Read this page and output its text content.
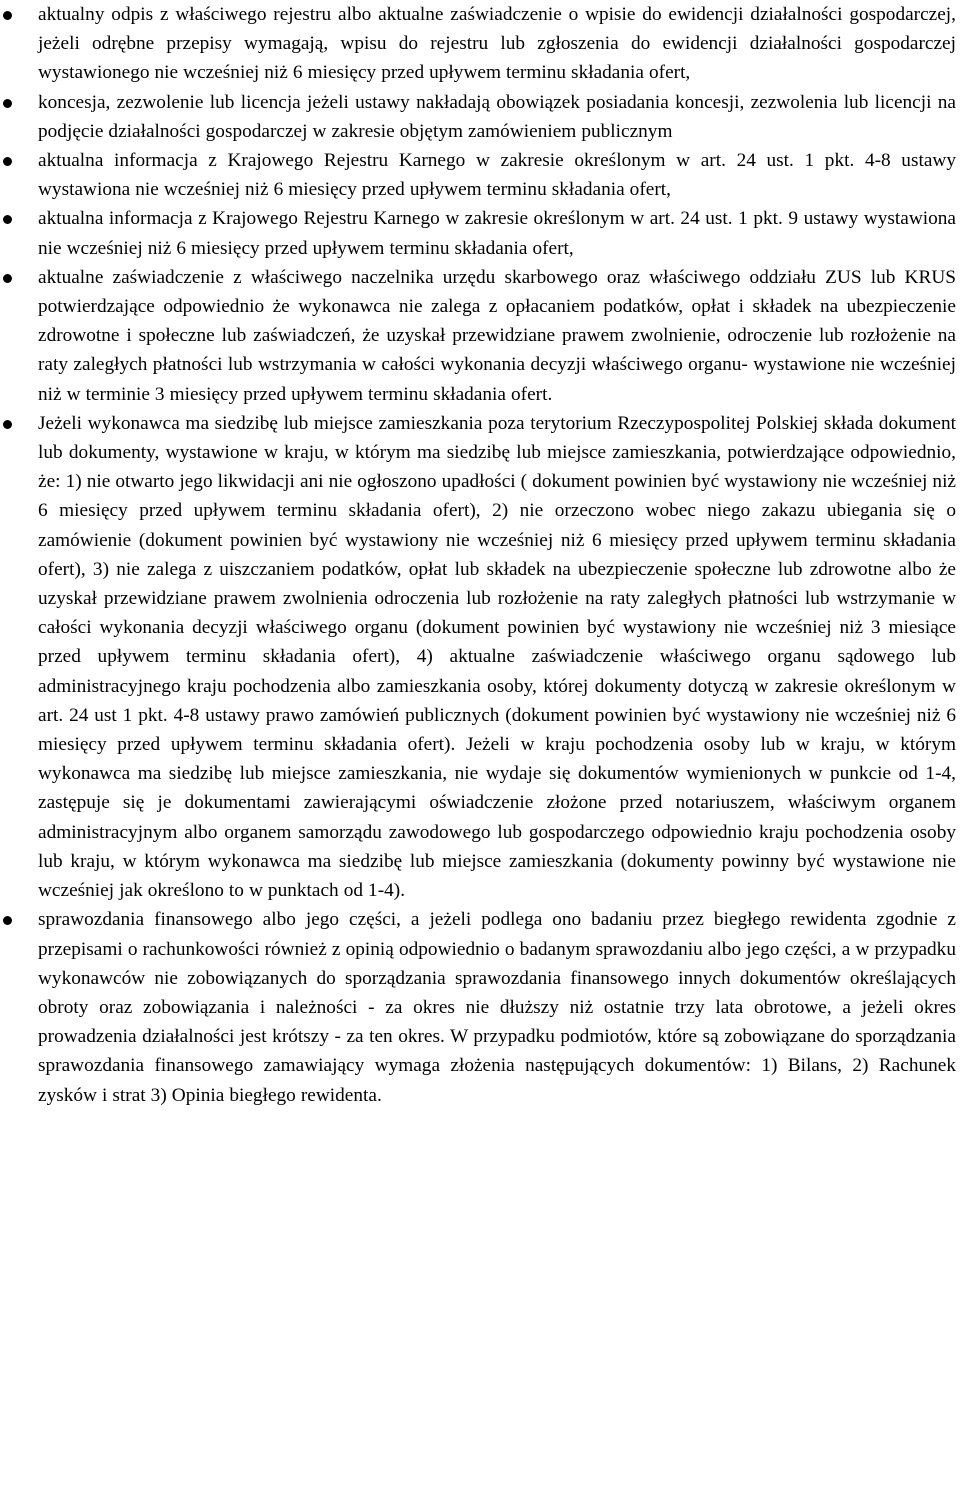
aktualny odpis z właściwego rejestru albo aktualne zaświadczenie o wpisie do ewidencji działalności gospodarczej, jeżeli odrębne przepisy wymagają, wpisu do rejestru lub zgłoszenia do ewidencji działalności gospodarczej wystawionego nie wcześniej niż 6 miesięcy przed upływem terminu składania ofert,

koncesja, zezwolenie lub licencja jeżeli ustawy nakładają obowiązek posiadania koncesji, zezwolenia lub licencji na podjęcie działalności gospodarczej w zakresie objętym zamówieniem publicznym

aktualna informacja z Krajowego Rejestru Karnego w zakresie określonym w art. 24 ust. 1 pkt. 4-8 ustawy wystawiona nie wcześniej niż 6 miesięcy przed upływem terminu składania ofert,

aktualna informacja z Krajowego Rejestru Karnego w zakresie określonym w art. 24 ust. 1 pkt. 9 ustawy wystawiona nie wcześniej niż 6 miesięcy przed upływem terminu składania ofert,

aktualne zaświadczenie z właściwego naczelnika urzędu skarbowego oraz właściwego oddziału ZUS lub KRUS potwierdzające odpowiednio że wykonawca nie zalega z opłacaniem podatków, opłat i składek na ubezpieczenie zdrowotne i społeczne lub zaświadczeń, że uzyskał przewidziane prawem zwolnienie, odroczenie lub rozłożenie na raty zaległych płatności lub wstrzymania w całości wykonania decyzji właściwego organu- wystawione nie wcześniej niż w terminie 3 miesięcy przed upływem terminu składania ofert.

Jeżeli wykonawca ma siedzibę lub miejsce zamieszkania poza terytorium Rzeczypospolitej Polskiej składa dokument lub dokumenty, wystawione w kraju, w którym ma siedzibę lub miejsce zamieszkania, potwierdzające odpowiednio, że: 1) nie otwarto jego likwidacji ani nie ogłoszono upadłości ( dokument powinien być wystawiony nie wcześniej niż 6 miesięcy przed upływem terminu składania ofert), 2) nie orzeczono wobec niego zakazu ubiegania się o zamówienie (dokument powinien być wystawiony nie wcześniej niż 6 miesięcy przed upływem terminu składania ofert), 3) nie zalega z uiszczaniem podatków, opłat lub składek na ubezpieczenie społeczne lub zdrowotne albo że uzyskał przewidziane prawem zwolnienia odroczenia lub rozłożenie na raty zaległych płatności lub wstrzymanie w całości wykonania decyzji właściwego organu (dokument powinien być wystawiony nie wcześniej niż 3 miesiące przed upływem terminu składania ofert), 4) aktualne zaświadczenie właściwego organu sądowego lub administracyjnego kraju pochodzenia albo zamieszkania osoby, której dokumenty dotyczą w zakresie określonym w art. 24 ust 1 pkt. 4-8 ustawy prawo zamówień publicznych (dokument powinien być wystawiony nie wcześniej niż 6 miesięcy przed upływem terminu składania ofert). Jeżeli w kraju pochodzenia osoby lub w kraju, w którym wykonawca ma siedzibę lub miejsce zamieszkania, nie wydaje się dokumentów wymienionych w punkcie od 1-4, zastępuje się je dokumentami zawierającymi oświadczenie złożone przed notariuszem, właściwym organem administracyjnym albo organem samorządu zawodowego lub gospodarczego odpowiednio kraju pochodzenia osoby lub kraju, w którym wykonawca ma siedzibę lub miejsce zamieszkania (dokumenty powinny być wystawione nie wcześniej jak określono to w punktach od 1-4).

sprawozdania finansowego albo jego części, a jeżeli podlega ono badaniu przez biegłego rewidenta zgodnie z przepisami o rachunkowości również z opinią odpowiednio o badanym sprawozdaniu albo jego części, a w przypadku wykonawców nie zobowiązanych do sporządzania sprawozdania finansowego innych dokumentów określających obroty oraz zobowiązania i należności - za okres nie dłuższy niż ostatnie trzy lata obrotowe, a jeżeli okres prowadzenia działalności jest krótszy - za ten okres. W przypadku podmiotów, które są zobowiązane do sporządzania sprawozdania finansowego zamawiający wymaga złożenia następujących dokumentów: 1) Bilans, 2) Rachunek zysków i strat 3) Opinia biegłego rewidenta.
